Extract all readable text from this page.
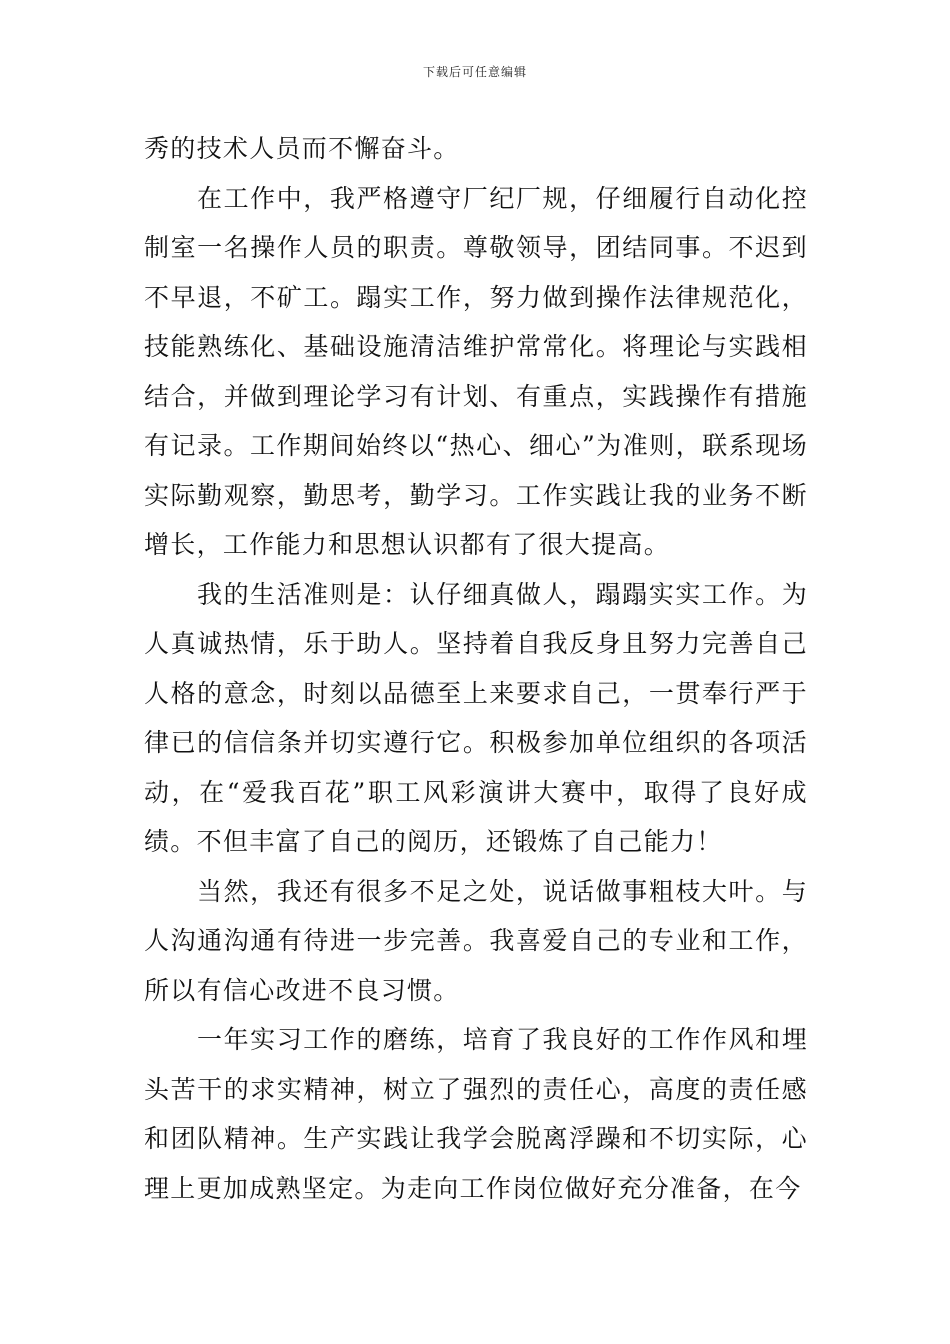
下载后可任意编辑

秀的技术人员而不懈奋斗。

在工作中，我严格遵守厂纪厂规，仔细履行自动化控制室一名操作人员的职责。尊敬领导，团结同事。不迟到不早退，不矿工。蹋实工作，努力做到操作法律规范化，技能熟练化、基础设施清洁维护常常化。将理论与实践相结合，并做到理论学习有计划、有重点，实践操作有措施有记录。工作期间始终以“热心、细心”为准则，联系现场实际勤观察，勤思考，勤学习。工作实践让我的业务不断增长，工作能力和思想认识都有了很大提高。

我的生活准则是：认仔细真做人，蹋蹋实实工作。为人真诚热情，乐于助人。坚持着自我反身且努力完善自己人格的意念，时刻以品德至上来要求自己，一贯奉行严于律已的信信条并切实遵行它。积极参加单位组织的各项活动，在“爱我百花”职工风彩演讲大赛中，取得了良好成绩。不但丰富了自己的阅历，还锻炼了自己能力！

当然，我还有很多不足之处，说话做事粗枝大叶。与人沟通沟通有待进一步完善。我喜爱自己的专业和工作，所以有信心改进不良习惯。

一年实习工作的磨练，培育了我良好的工作作风和埋头苦干的求实精神，树立了强烈的责任心，高度的责任感和团队精神。生产实践让我学会脱离浮躁和不切实际，心理上更加成熟坚定。为走向工作岗位做好充分准备，在今
